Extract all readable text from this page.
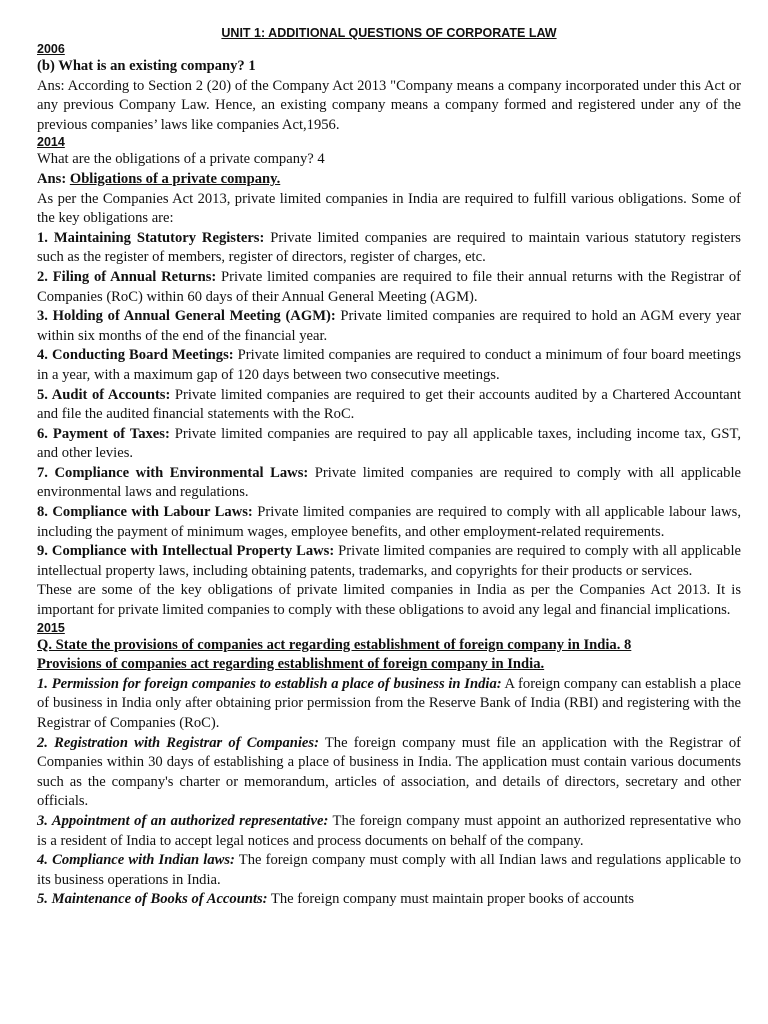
UNIT 1: ADDITIONAL QUESTIONS OF CORPORATE LAW
2006

(b) What is an existing company? 1

Ans: According to Section 2 (20) of the Company Act 2013 "Company means a company incorporated under this Act or any previous Company Law. Hence, an existing company means a company formed and registered under any of the previous companies’ laws like companies Act,1956.

2014

What are the obligations of a private company? 4

Ans: Obligations of a private company.

As per the Companies Act 2013, private limited companies in India are required to fulfill various obligations. Some of the key obligations are:

1. Maintaining Statutory Registers: Private limited companies are required to maintain various statutory registers such as the register of members, register of directors, register of charges, etc.

2. Filing of Annual Returns: Private limited companies are required to file their annual returns with the Registrar of Companies (RoC) within 60 days of their Annual General Meeting (AGM).

3. Holding of Annual General Meeting (AGM): Private limited companies are required to hold an AGM every year within six months of the end of the financial year.

4. Conducting Board Meetings: Private limited companies are required to conduct a minimum of four board meetings in a year, with a maximum gap of 120 days between two consecutive meetings.

5. Audit of Accounts: Private limited companies are required to get their accounts audited by a Chartered Accountant and file the audited financial statements with the RoC.

6. Payment of Taxes: Private limited companies are required to pay all applicable taxes, including income tax, GST, and other levies.

7. Compliance with Environmental Laws: Private limited companies are required to comply with all applicable environmental laws and regulations.

8. Compliance with Labour Laws: Private limited companies are required to comply with all applicable labour laws, including the payment of minimum wages, employee benefits, and other employment-related requirements.

9. Compliance with Intellectual Property Laws: Private limited companies are required to comply with all applicable intellectual property laws, including obtaining patents, trademarks, and copyrights for their products or services.

These are some of the key obligations of private limited companies in India as per the Companies Act 2013. It is important for private limited companies to comply with these obligations to avoid any legal and financial implications.

2015

Q. State the provisions of companies act regarding establishment of foreign company in India. 8

Provisions of companies act regarding establishment of foreign company in India.

1. Permission for foreign companies to establish a place of business in India: A foreign company can establish a place of business in India only after obtaining prior permission from the Reserve Bank of India (RBI) and registering with the Registrar of Companies (RoC).

2. Registration with Registrar of Companies: The foreign company must file an application with the Registrar of Companies within 30 days of establishing a place of business in India. The application must contain various documents such as the company's charter or memorandum, articles of association, and details of directors, secretary and other officials.

3. Appointment of an authorized representative: The foreign company must appoint an authorized representative who is a resident of India to accept legal notices and process documents on behalf of the company.

4. Compliance with Indian laws: The foreign company must comply with all Indian laws and regulations applicable to its business operations in India.

5. Maintenance of Books of Accounts: The foreign company must maintain proper books of accounts
